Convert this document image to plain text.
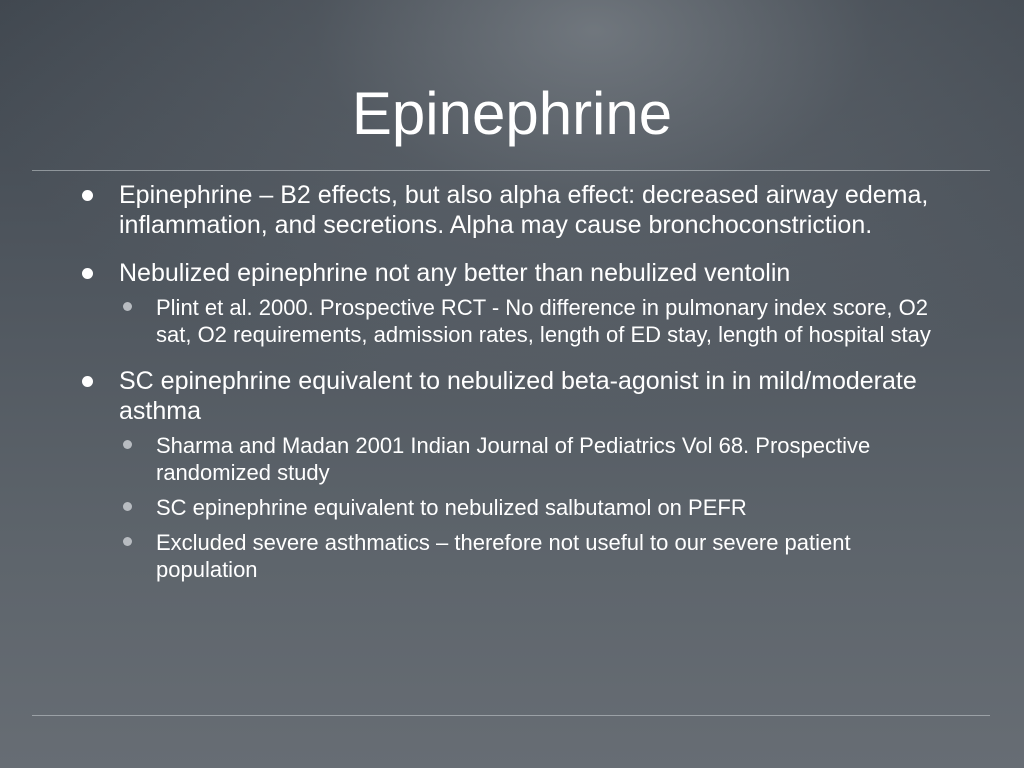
Epinephrine
Epinephrine – B2 effects, but also alpha effect: decreased airway edema, inflammation, and secretions. Alpha may cause bronchoconstriction.
Nebulized epinephrine not any better than nebulized ventolin
Plint et al. 2000. Prospective RCT - No difference in pulmonary index score, O2 sat, O2 requirements, admission rates, length of ED stay, length of hospital stay
SC epinephrine equivalent to nebulized beta-agonist in in mild/moderate asthma
Sharma and Madan 2001 Indian Journal of Pediatrics Vol 68. Prospective randomized study
SC epinephrine equivalent to nebulized salbutamol on PEFR
Excluded severe asthmatics – therefore not useful to our severe patient population
